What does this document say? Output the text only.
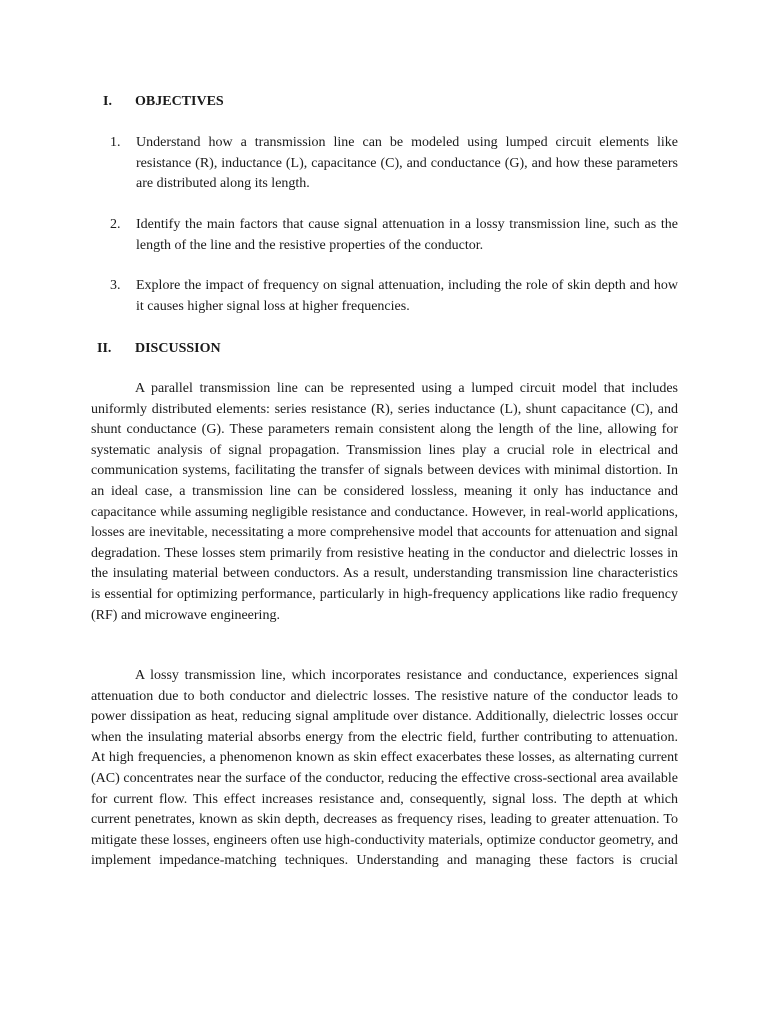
I. OBJECTIVES
1.	Understand how a transmission line can be modeled using lumped circuit elements like resistance (R), inductance (L), capacitance (C), and conductance (G), and how these parameters are distributed along its length.
2.	Identify the main factors that cause signal attenuation in a lossy transmission line, such as the length of the line and the resistive properties of the conductor.
3.	Explore the impact of frequency on signal attenuation, including the role of skin depth and how it causes higher signal loss at higher frequencies.
II. DISCUSSION

A parallel transmission line can be represented using a lumped circuit model that includes uniformly distributed elements: series resistance (R), series inductance (L), shunt capacitance (C), and shunt conductance (G). These parameters remain consistent along the length of the line, allowing for systematic analysis of signal propagation. Transmission lines play a crucial role in electrical and communication systems, facilitating the transfer of signals between devices with minimal distortion. In an ideal case, a transmission line can be considered lossless, meaning it only has inductance and capacitance while assuming negligible resistance and conductance. However, in real-world applications, losses are inevitable, necessitating a more comprehensive model that accounts for attenuation and signal degradation. These losses stem primarily from resistive heating in the conductor and dielectric losses in the insulating material between conductors. As a result, understanding transmission line characteristics is essential for optimizing performance, particularly in high-frequency applications like radio frequency (RF) and microwave engineering.

A lossy transmission line, which incorporates resistance and conductance, experiences signal attenuation due to both conductor and dielectric losses. The resistive nature of the conductor leads to power dissipation as heat, reducing signal amplitude over distance. Additionally, dielectric losses occur when the insulating material absorbs energy from the electric field, further contributing to attenuation. At high frequencies, a phenomenon known as skin effect exacerbates these losses, as alternating current (AC) concentrates near the surface of the conductor, reducing the effective cross-sectional area available for current flow. This effect increases resistance and, consequently, signal loss. The depth at which current penetrates, known as skin depth, decreases as frequency rises, leading to greater attenuation. To mitigate these losses, engineers often use high-conductivity materials, optimize conductor geometry, and implement impedance-matching techniques. Understanding and managing these factors is crucial
